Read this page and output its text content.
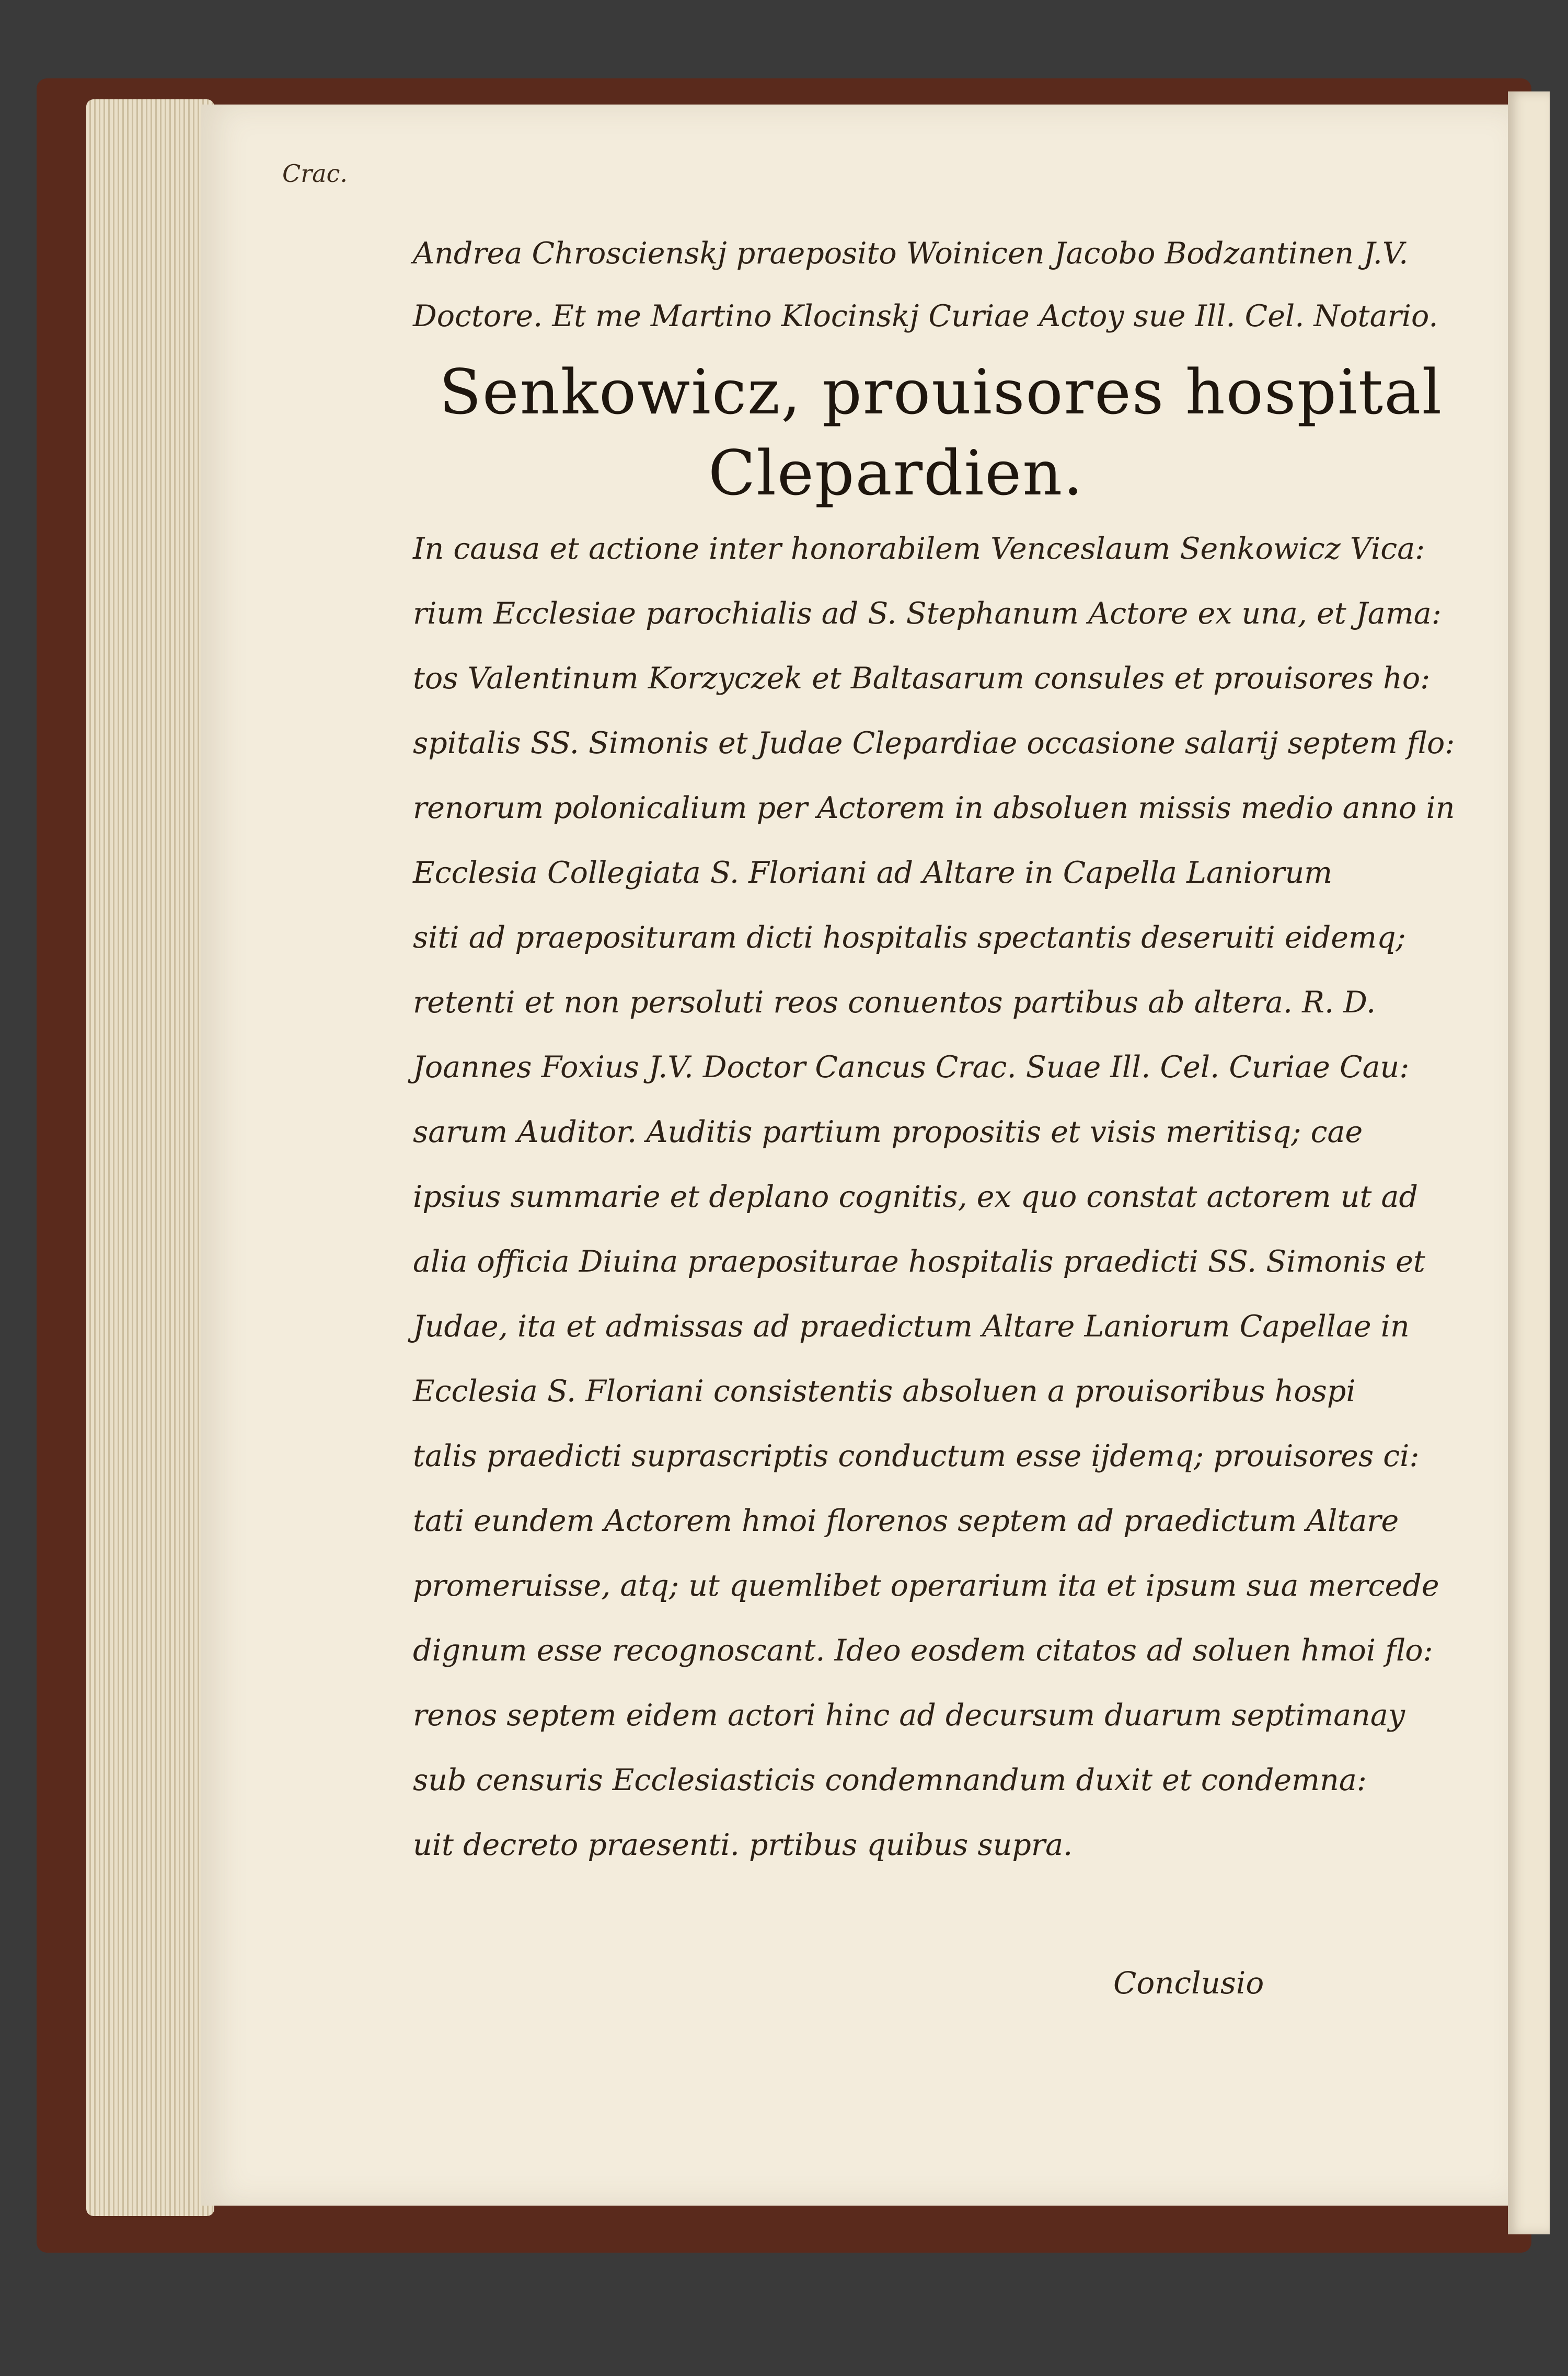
Crac.
Andrea Chroscienskj praeposito Woinicen Jacobo Bodzantinen J.V.
Doctore. Et me Martino Klocinskj Curiae Actoy sue Ill. Cel. Notario.
Senkowicz, prouisores hospital
Clepardien.
In causa et actione inter honorabilem Venceslaum Senkowicz Vica:
rium Ecclesiae parochialis ad S. Stephanum Actore ex una, et Jama:
tos Valentinum Korzyczek et Baltasarum consules et prouisores ho:
spitalis SS. Simonis et Judae Clepardiae occasione salarij septem flo:
renorum polonicalium per Actorem in absoluen missis medio anno in
Ecclesia Collegiata S. Floriani ad Altare in Capella Laniorum
siti ad praeposituram dicti hospitalis spectantis deseruiti eidemq;
retenti et non persoluti reos conuentos partibus ab altera. R. D.
Joannes Foxius J.V. Doctor Cancus Crac. Suae Ill. Cel. Curiae Cau:
sarum Auditor. Auditis partium propositis et visis meritisq; cae
ipsius summarie et deplano cognitis, ex quo constat actorem ut ad
alia officia Diuina praepositurae hospitalis praedicti SS. Simonis et
Judae, ita et admissas ad praedictum Altare Laniorum Capellae in
Ecclesia S. Floriani consistentis absoluen a prouisoribus hospi
talis praedicti suprascriptis conductum esse ijdemq; prouisores ci:
tati eundem Actorem hmoi florenos septem ad praedictum Altare
promeruisse, atq; ut quemlibet operarium ita et ipsum sua mercede
dignum esse recognoscant. Ideo eosdem citatos ad soluen hmoi flo:
renos septem eidem actori hinc ad decursum duarum septimanay
sub censuris Ecclesiasticis condemnandum duxit et condemna:
uit decreto praesenti. prtibus quibus supra.
Conclusio
